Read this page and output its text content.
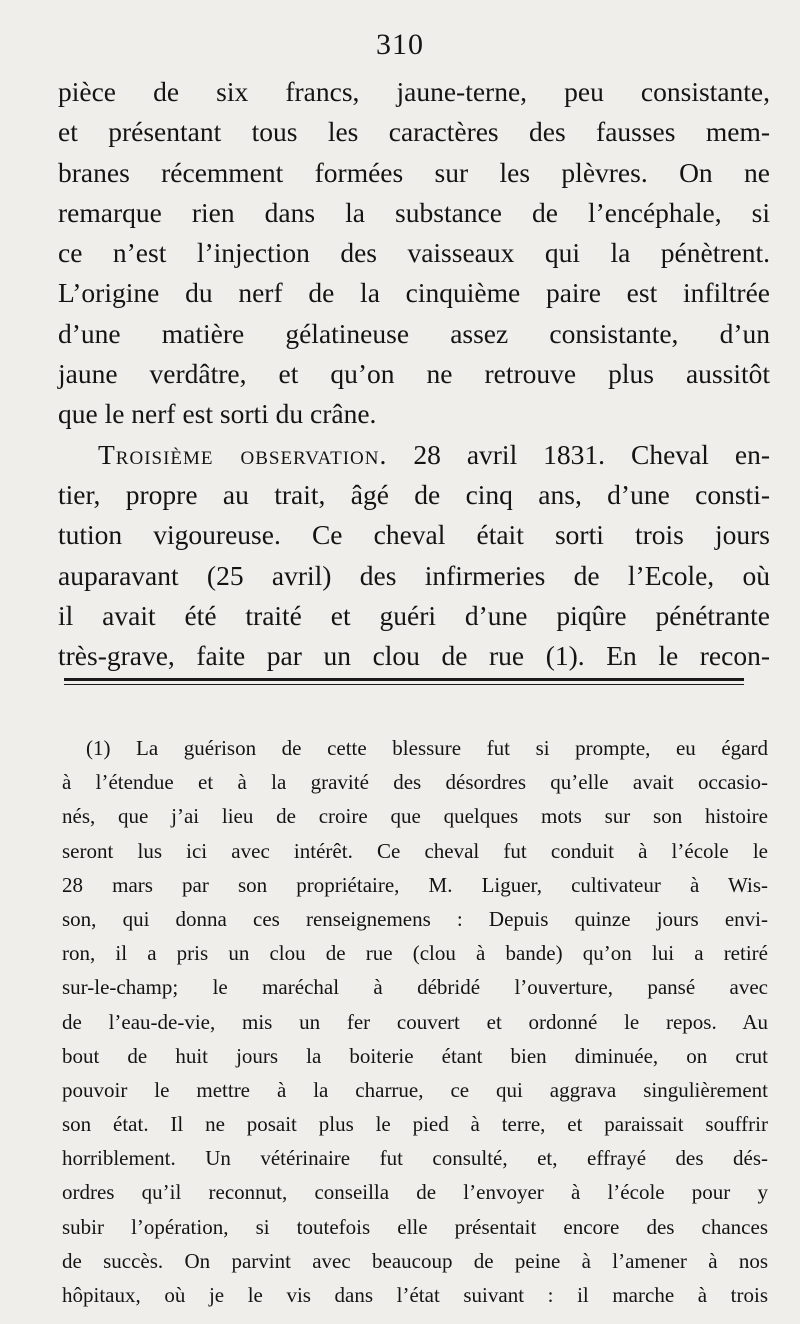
310
pièce de six francs, jaune-terne, peu consistante,
et présentant tous les caractères des fausses mem-
branes récemment formées sur les plèvres. On ne
remarque rien dans la substance de l’encéphale, si
ce n’est l’injection des vaisseaux qui la pénètrent.
L’origine du nerf de la cinquième paire est infiltrée
d’une matière gélatineuse assez consistante, d’un
jaune verdâtre, et qu’on ne retrouve plus aussitôt
que le nerf est sorti du crâne.
Troisième observation. 28 avril 1831. Cheval en-
tier, propre au trait, âgé de cinq ans, d’une consti-
tution vigoureuse. Ce cheval était sorti trois jours
auparavant (25 avril) des infirmeries de l’Ecole, où
il avait été traité et guéri d’une piqûre pénétrante
très-grave, faite par un clou de rue (1). En le recon-
(1) La guérison de cette blessure fut si prompte, eu égard
à l’étendue et à la gravité des désordres qu’elle avait occasio-
nés, que j’ai lieu de croire que quelques mots sur son histoire
seront lus ici avec intérêt. Ce cheval fut conduit à l’école le
28 mars par son propriétaire, M. Liguer, cultivateur à Wis-
son, qui donna ces renseignemens : Depuis quinze jours envi-
ron, il a pris un clou de rue (clou à bande) qu’on lui a retiré
sur-le-champ; le maréchal à débridé l’ouverture, pansé avec
de l’eau-de-vie, mis un fer couvert et ordonné le repos. Au
bout de huit jours la boiterie étant bien diminuée, on crut
pouvoir le mettre à la charrue, ce qui aggrava singulièrement
son état. Il ne posait plus le pied à terre, et paraissait souffrir
horriblement. Un vétérinaire fut consulté, et, effrayé des dés-
ordres qu’il reconnut, conseilla de l’envoyer à l’école pour y
subir l’opération, si toutefois elle présentait encore des chances
de succès. On parvint avec beaucoup de peine à l’amener à nos
hôpitaux, où je le vis dans l’état suivant : il marche à trois
